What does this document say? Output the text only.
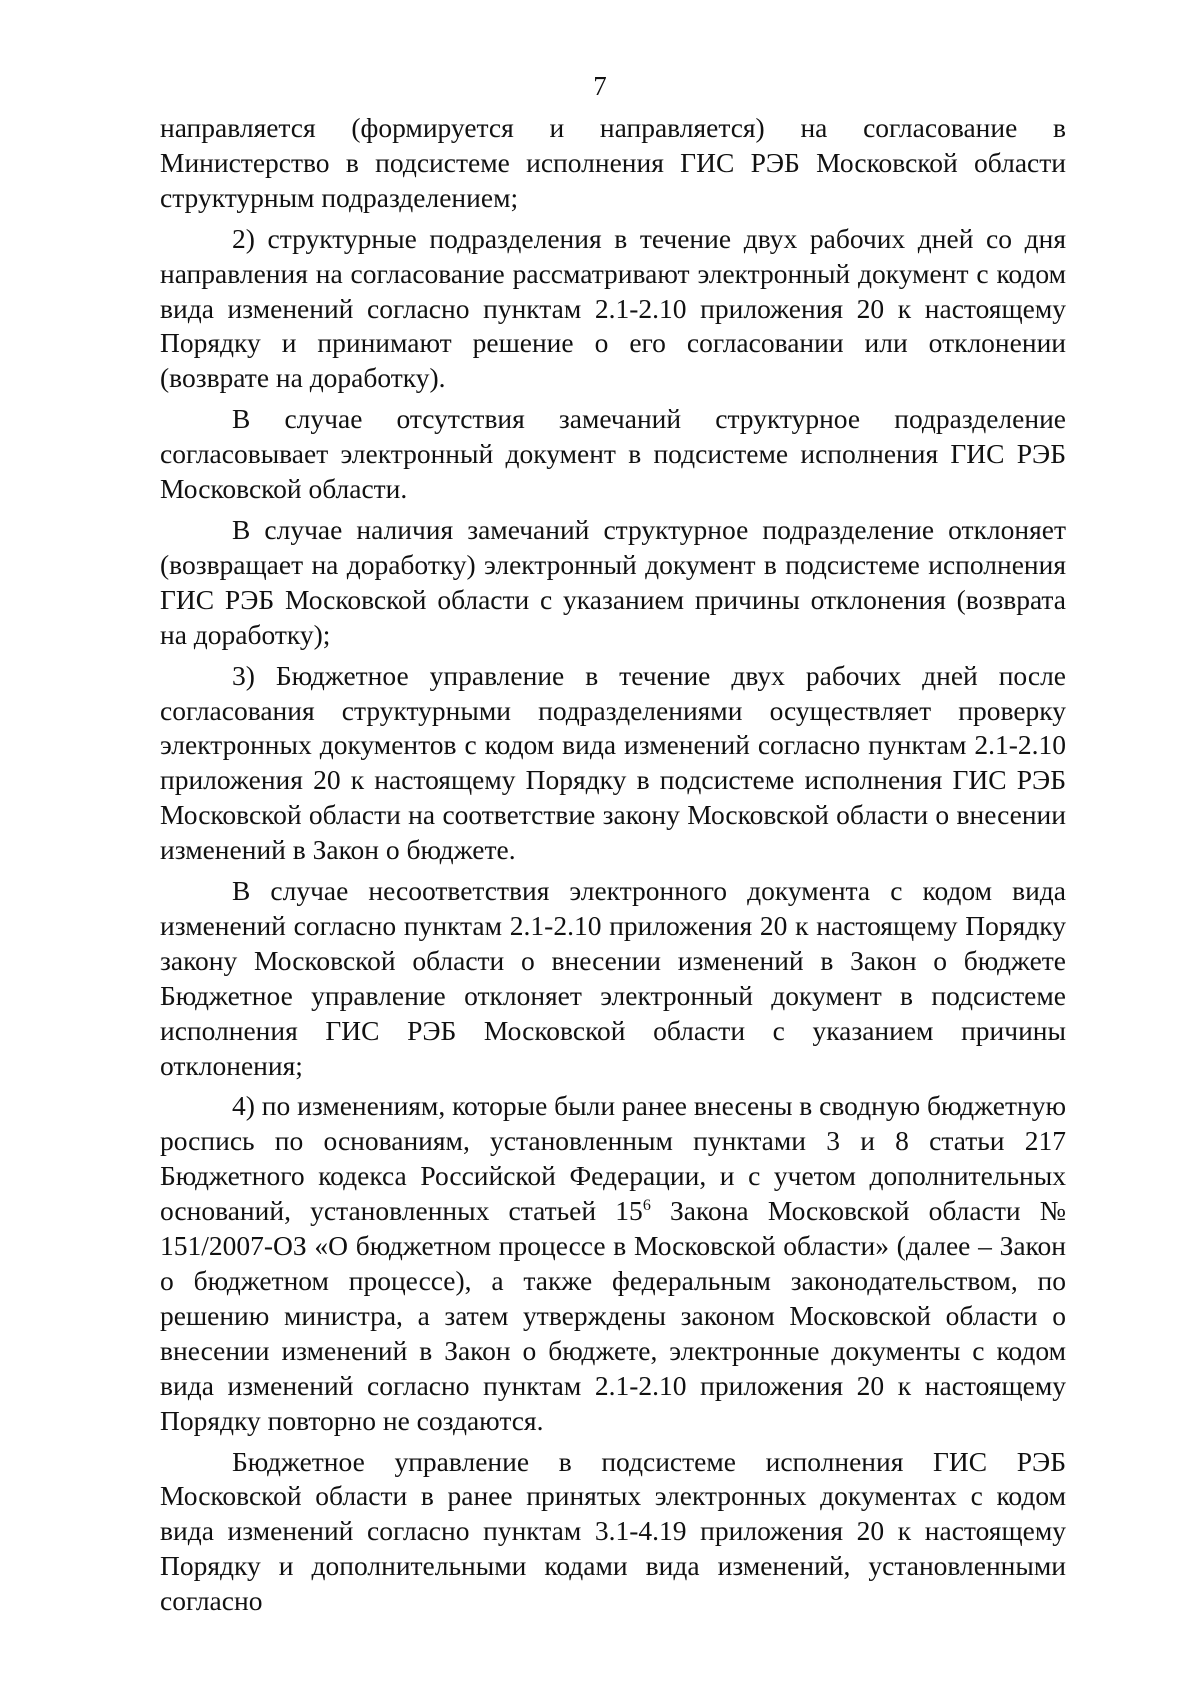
7

направляется (формируется и направляется) на согласование в Министерство в подсистеме исполнения ГИС РЭБ Московской области структурным подразделением;

2) структурные подразделения в течение двух рабочих дней со дня направления на согласование рассматривают электронный документ с кодом вида изменений согласно пунктам 2.1-2.10 приложения 20 к настоящему Порядку и принимают решение о его согласовании или отклонении (возврате на доработку).

В случае отсутствия замечаний структурное подразделение согласовывает электронный документ в подсистеме исполнения ГИС РЭБ Московской области.

В случае наличия замечаний структурное подразделение отклоняет (возвращает на доработку) электронный документ в подсистеме исполнения ГИС РЭБ Московской области с указанием причины отклонения (возврата на доработку);

3) Бюджетное управление в течение двух рабочих дней после согласования структурными подразделениями осуществляет проверку электронных документов с кодом вида изменений согласно пунктам 2.1-2.10 приложения 20 к настоящему Порядку в подсистеме исполнения ГИС РЭБ Московской области на соответствие закону Московской области о внесении изменений в Закон о бюджете.

В случае несоответствия электронного документа с кодом вида изменений согласно пунктам 2.1-2.10 приложения 20 к настоящему Порядку закону Московской области о внесении изменений в Закон о бюджете Бюджетное управление отклоняет электронный документ в подсистеме исполнения ГИС РЭБ Московской области с указанием причины отклонения;

4) по изменениям, которые были ранее внесены в сводную бюджетную роспись по основаниям, установленным пунктами 3 и 8 статьи 217 Бюджетного кодекса Российской Федерации, и с учетом дополнительных оснований, установленных статьей $15^6$ Закона Московской области № 151/2007-ОЗ «О бюджетном процессе в Московской области» (далее – Закон о бюджетном процессе), а также федеральным законодательством, по решению министра, а затем утверждены законом Московской области о внесении изменений в Закон о бюджете, электронные документы с кодом вида изменений согласно пунктам 2.1-2.10 приложения 20 к настоящему Порядку повторно не создаются.

Бюджетное управление в подсистеме исполнения ГИС РЭБ Московской области в ранее принятых электронных документах с кодом вида изменений согласно пунктам 3.1-4.19 приложения 20 к настоящему Порядку и дополнительными кодами вида изменений, установленными согласно
